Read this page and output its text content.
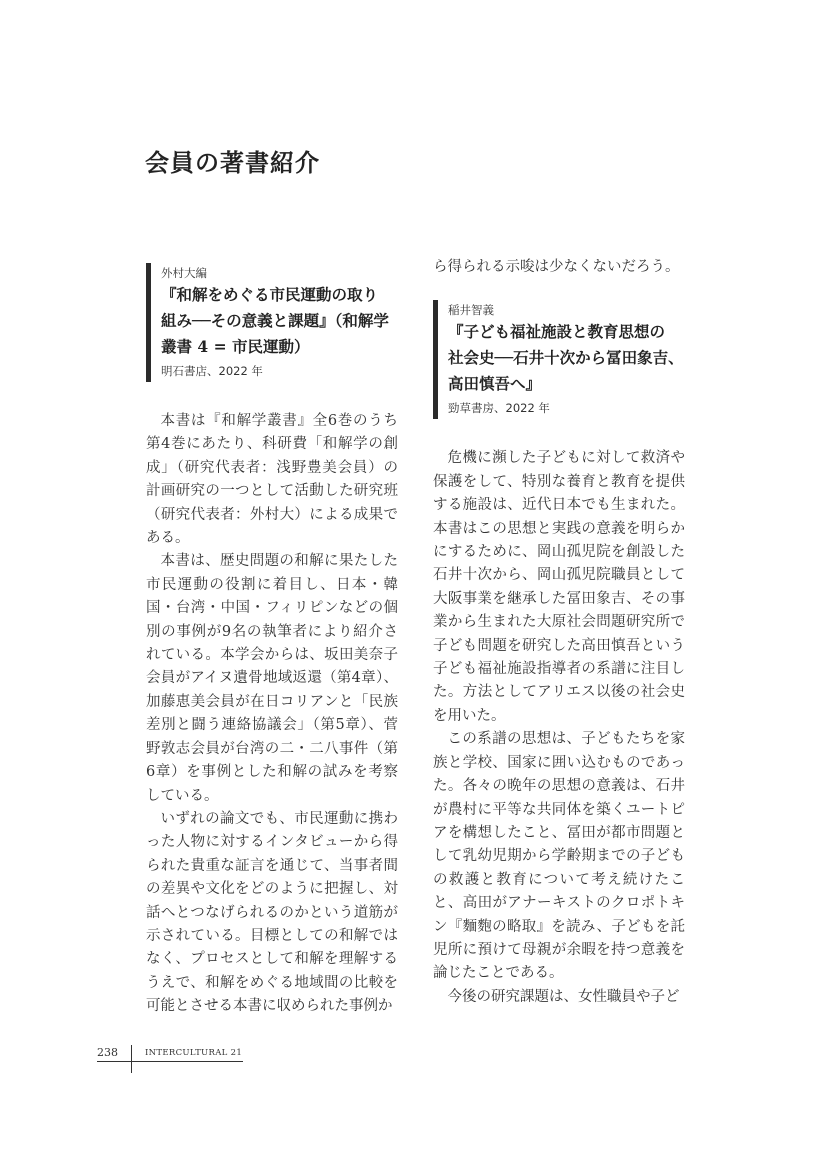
会員の著書紹介
外村大編
『和解をめぐる市民運動の取り
組み──その意義と課題』（和解学
叢書 4 = 市民運動）
明石書店、2022 年

本書は『和解学叢書』全6巻のうち第4巻にあたり、科研費「和解学の創成」（研究代表者：浅野豊美会員）の計画研究の一つとして活動した研究班（研究代表者：外村大）による成果である。

本書は、歴史問題の和解に果たした市民運動の役割に着目し、日本・韓国・台湾・中国・フィリピンなどの個別の事例が9名の執筆者により紹介されている。本学会からは、坂田美奈子会員がアイヌ遺骨地域返還（第4章）、加藤恵美会員が在日コリアンと「民族差別と闘う連絡協議会」（第5章）、菅野敦志会員が台湾の二・二八事件（第6章）を事例とした和解の試みを考察している。

いずれの論文でも、市民運動に携わった人物に対するインタビューから得られた貴重な証言を通じて、当事者間の差異や文化をどのように把握し、対話へとつなげられるのかという道筋が示されている。目標としての和解ではなく、プロセスとして和解を理解するうえで、和解をめぐる地域間の比較を可能とさせる本書に収められた事例か

ら得られる示唆は少なくないだろう。

稲井智義
『子ども福祉施設と教育思想の
社会史──石井十次から冨田象吉、
高田慎吾へ』
勁草書房、2022 年

危機に瀕した子どもに対して救済や保護をして、特別な養育と教育を提供する施設は、近代日本でも生まれた。本書はこの思想と実践の意義を明らかにするために、岡山孤児院を創設した石井十次から、岡山孤児院職員として大阪事業を継承した冨田象吉、その事業から生まれた大原社会問題研究所で子ども問題を研究した高田慎吾という子ども福祉施設指導者の系譜に注目した。方法としてアリエス以後の社会史を用いた。

この系譜の思想は、子どもたちを家族と学校、国家に囲い込むものであった。各々の晩年の思想の意義は、石井が農村に平等な共同体を築くユートピアを構想したこと、冨田が都市問題として乳幼児期から学齢期までの子どもの救護と教育について考え続けたこと、高田がアナーキストのクロポトキン『麵麭の略取』を読み、子どもを託児所に預けて母親が余暇を持つ意義を論じたことである。

今後の研究課題は、女性職員や子ど

238	INTERCULTURAL 21
